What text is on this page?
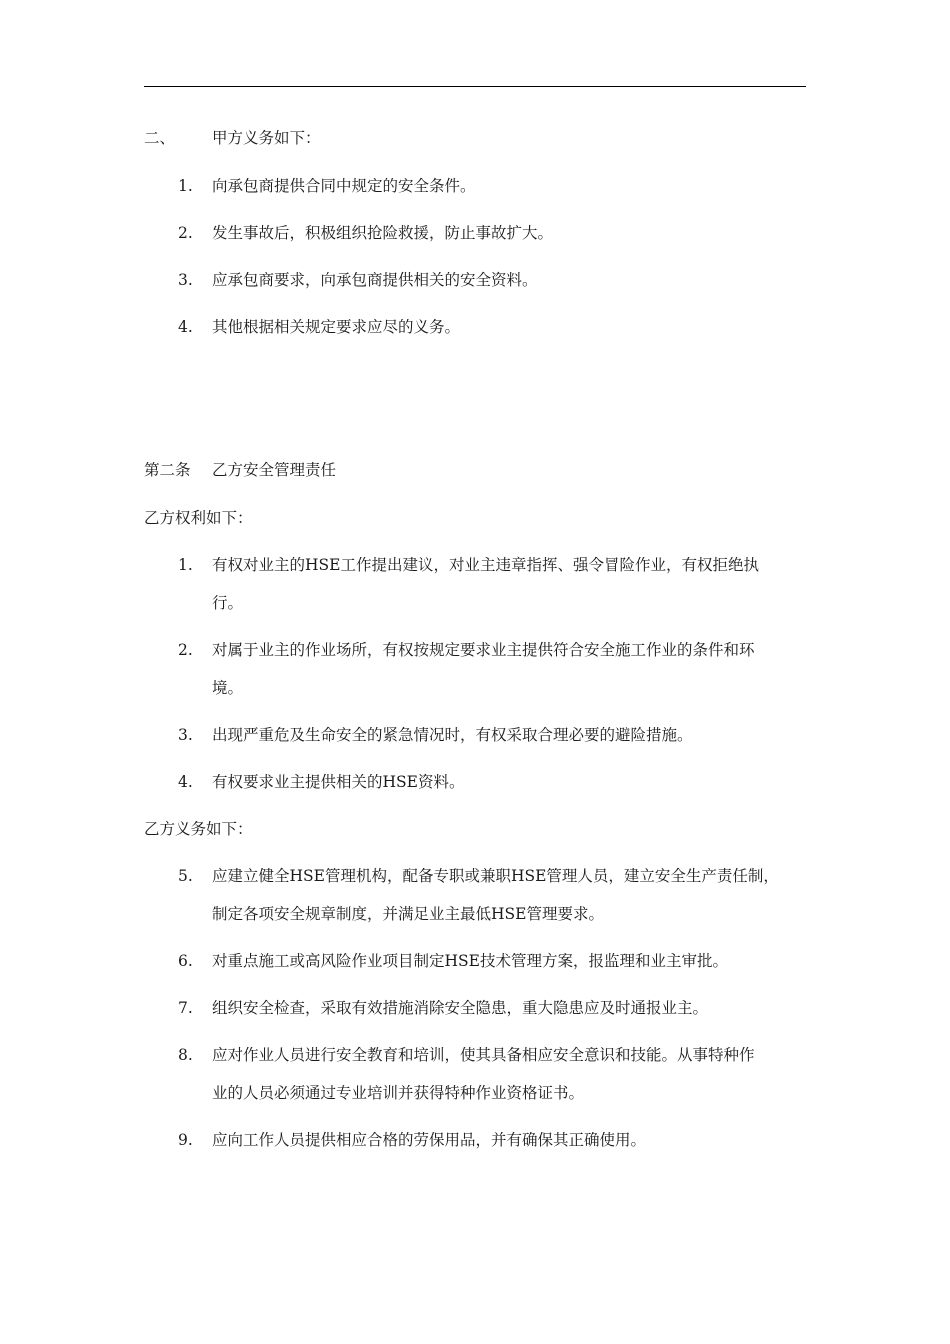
二、 甲方义务如下：
1. 向承包商提供合同中规定的安全条件。
2. 发生事故后，积极组织抢险救援，防止事故扩大。
3. 应承包商要求，向承包商提供相关的安全资料。
4. 其他根据相关规定要求应尽的义务。
第二条 乙方安全管理责任
乙方权利如下：
1. 有权对业主的HSE工作提出建议，对业主违章指挥、强令冒险作业，有权拒绝执
行。
2. 对属于业主的作业场所，有权按规定要求业主提供符合安全施工作业的条件和环
境。
3. 出现严重危及生命安全的紧急情况时，有权采取合理必要的避险措施。
4. 有权要求业主提供相关的HSE资料。
乙方义务如下：
5. 应建立健全HSE管理机构，配备专职或兼职HSE管理人员，建立安全生产责任制，
制定各项安全规章制度，并满足业主最低HSE管理要求。
6. 对重点施工或高风险作业项目制定HSE技术管理方案，报监理和业主审批。
7. 组织安全检查，采取有效措施消除安全隐患，重大隐患应及时通报业主。
8. 应对作业人员进行安全教育和培训，使其具备相应安全意识和技能。从事特种作
业的人员必须通过专业培训并获得特种作业资格证书。
9. 应向工作人员提供相应合格的劳保用品，并有确保其正确使用。
